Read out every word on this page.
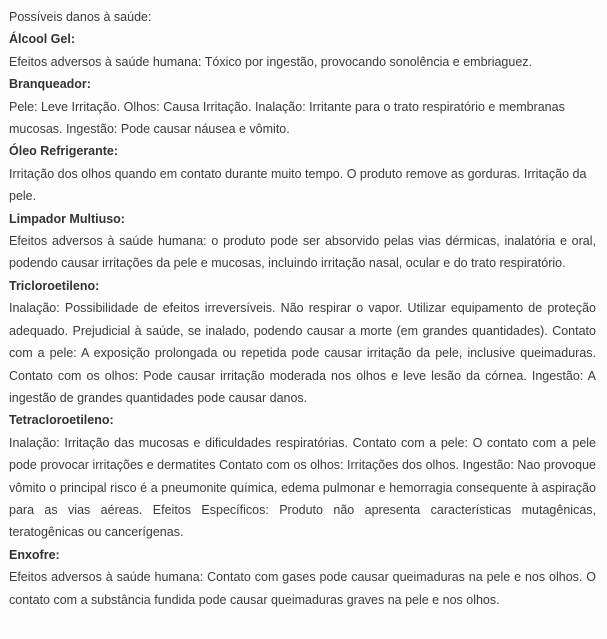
Possíveis danos à saúde:

Álcool Gel:

Efeitos adversos à saúde humana: Tóxico por ingestão, provocando sonolência e embriaguez.

Branqueador:

Pele: Leve Irritação. Olhos: Causa Irritação. Inalação: Irritante para o trato respiratório e membranas mucosas. Ingestão: Pode causar náusea e vômito.

Óleo Refrigerante:

Irritação dos olhos quando em contato durante muito tempo. O produto remove as gorduras. Irritação da pele.

Limpador Multiuso:

Efeitos adversos à saúde humana: o produto pode ser absorvido pelas vias dérmicas, inalatória e oral, podendo causar irritações da pele e mucosas, incluindo irritação nasal, ocular e do trato respiratório.

Tricloroetileno:

Inalação: Possibilidade de efeitos irreversíveis. Não respirar o vapor. Utilizar equipamento de proteção adequado. Prejudicial à saúde, se inalado, podendo causar a morte (em grandes quantidades). Contato com a pele: A exposição prolongada ou repetida pode causar irritação da pele, inclusive queimaduras. Contato com os olhos: Pode causar irritação moderada nos olhos e leve lesão da córnea. Ingestão: A ingestão de grandes quantidades pode causar danos.

Tetracloroetileno:

Inalação: Irritação das mucosas e dificuldades respiratórias. Contato com a pele: O contato com a pele pode provocar irritações e dermatites Contato com os olhos: Irritações dos olhos. Ingestão: Nao provoque vômito o principal risco é a pneumonite química, edema pulmonar e hemorragia consequente à aspiração para as vias aéreas. Efeitos Específicos: Produto não apresenta características mutagênicas, teratogênicas ou cancerígenas.

Enxofre:

Efeitos adversos à saúde humana: Contato com gases pode causar queimaduras na pele e nos olhos. O contato com a substância fundida pode causar queimaduras graves na pele e nos olhos.
